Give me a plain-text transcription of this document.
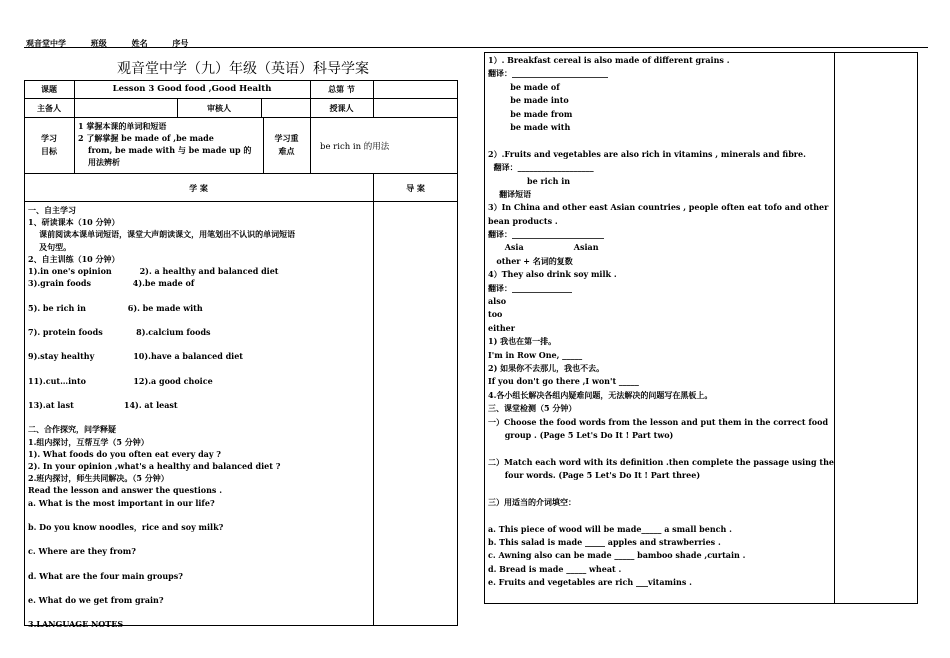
观音堂中学	班级	姓名	序号
观音堂中学（九）年级（英语）科导学案
课题	Lesson 3 Good food ,Good Health	总第 节
主备人	审核人	授课人
学习
目标
1 掌握本课的单词和短语
2 了解掌握 be made of ,be made
from, be made with 与 be made up 的
用法辨析
学习重
难点	be rich in 的用法
学 案	导 案
一、自主学习
1、研读课本（10 分钟）
课前阅读本课单词短语，课堂大声朗读课文，用笔划出不认识的单词短语
及句型。
2、自主训练（10 分钟）
1).in one's opinion          2). a healthy and balanced diet
3).grain foods               4).be made of
5). be rich in               6). be made with
7). protein foods            8).calcium foods
9).stay healthy              10).have a balanced diet
11).cut…into                 12).a good choice
13).at last                  14). at least
二、合作探究，问学释疑
1.组内探讨，互帮互学（5 分钟）
1). What foods do you often eat every day ?
2). In your opinion ,what's a healthy and balanced diet ?
2.班内探讨，师生共同解决。（5 分钟）
Read the lesson and answer the questions .
a. What is the most important in our life?
b. Do you know noodles，rice and soy milk?
c. Where are they from?
d. What are the four main groups?
e. What do we get from grain?
3.LANGUAGE NOTES
1）. Breakfast cereal is also made of different grains .
翻译：________________________
be made of
be made into
be made from
be made with
2）.Fruits and vegetables are also rich in vitamins , minerals and fibre.
翻译：___________________
be rich in
翻译短语
3）In China and other east Asian countries , people often eat tofo and other
bean products .
翻译：_______________________
Asia                  Asian
other + 名词的复数
4）They also drink soy milk .
翻译：_______________
also
too
either
1) 我也在第一排。
I'm in Row One, _____
2) 如果你不去那儿，我也不去。
If you don't go there ,I won't _____
4.各小组长解决各组内疑难问题，无法解决的问题写在黑板上。
三、课堂检测（5 分钟）
一）Choose the food words from the lesson and put them in the correct food
group . (Page 5 Let's Do It ! Part two)
二）Match each word with its definition .then complete the passage using the
four words. (Page 5 Let's Do It ! Part three)
三）用适当的介词填空：
a. This piece of wood will be made_____ a small bench .
b. This salad is made _____ apples and strawberries .
c. Awning also can be made _____ bamboo shade ,curtain .
d. Bread is made _____ wheat .
e. Fruits and vegetables are rich ___vitamins .
